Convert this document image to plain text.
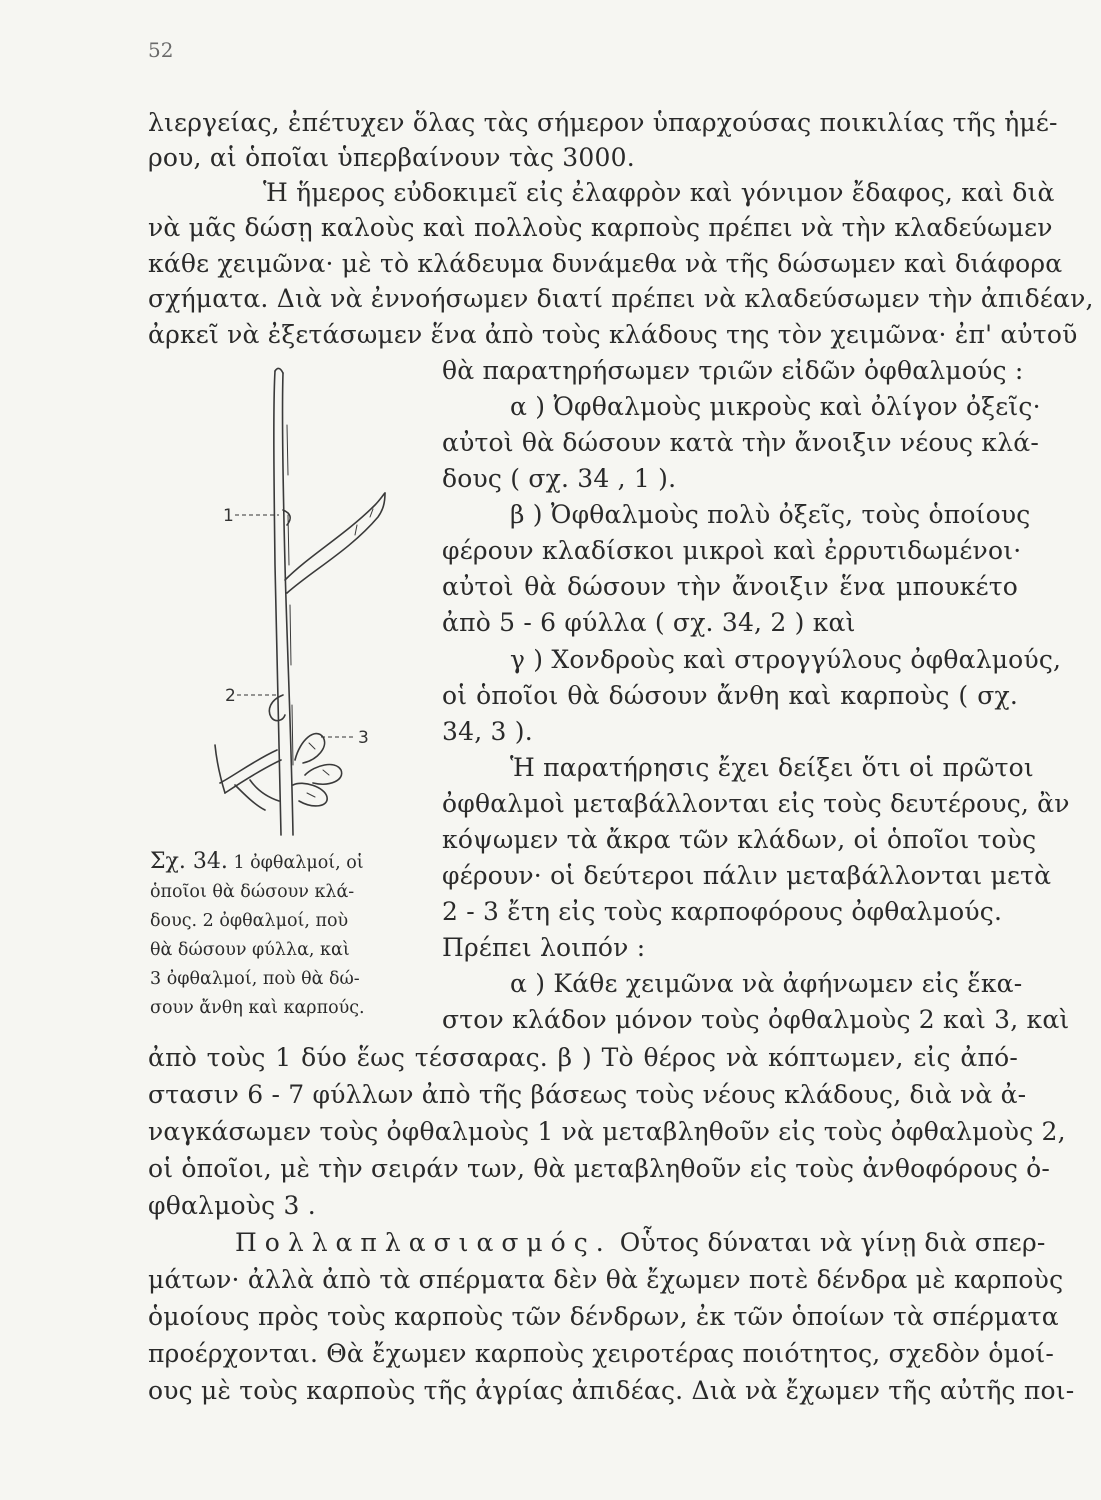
52
λιεργείας, ἐπέτυχεν ὅλας τὰς σήμερον ὑπαρχούσας ποικιλίας τῆς ἡμέ-
ρου, αἱ ὁποῖαι ὑπερβαίνουν τὰς 3000.
Ἡ ἥμερος εὐδοκιμεῖ εἰς ἐλαφρὸν καὶ γόνιμον ἔδαφος, καὶ διὰ
νὰ μᾶς δώσῃ καλοὺς καὶ πολλοὺς καρποὺς πρέπει νὰ τὴν κλαδεύωμεν
κάθε χειμῶνα· μὲ τὸ κλάδευμα δυνάμεθα νὰ τῆς δώσωμεν καὶ διάφορα
σχήματα. Διὰ νὰ ἐννοήσωμεν διατί πρέπει νὰ κλαδεύσωμεν τὴν ἀπιδέαν,
ἀρκεῖ νὰ ἐξετάσωμεν ἕνα ἀπὸ τοὺς κλάδους της τὸν χειμῶνα· ἐπ' αὐτοῦ
1
2
3
Σχ. 34. 1 ὀφθαλμοί, οἱ
ὁποῖοι θὰ δώσουν κλά-
δους. 2 ὀφθαλμοί, ποὺ
θὰ δώσουν φύλλα, καὶ
3 ὀφθαλμοί, ποὺ θὰ δώ-
σουν ἄνθη καὶ καρπούς.
θὰ παρατηρήσωμεν τριῶν εἰδῶν ὀφθαλμούς :
α ) Ὀφθαλμοὺς μικροὺς καὶ ὀλίγον ὀξεῖς·
αὐτοὶ θὰ δώσουν κατὰ τὴν ἄνοιξιν νέους κλά-
δους ( σχ. 34 , 1 ).
β ) Ὀφθαλμοὺς πολὺ ὀξεῖς, τοὺς ὁποίους
φέρουν κλαδίσκοι μικροὶ καὶ ἐρρυτιδωμένοι·
αὐτοὶ θὰ δώσουν τὴν ἄνοιξιν ἕνα μπουκέτο
ἀπὸ 5 - 6 φύλλα ( σχ. 34, 2 ) καὶ
γ ) Χονδροὺς καὶ στρογγύλους ὀφθαλμούς,
οἱ ὁποῖοι θὰ δώσουν ἄνθη καὶ καρποὺς ( σχ.
34, 3 ).
Ἡ παρατήρησις ἔχει δείξει ὅτι οἱ πρῶτοι
ὀφθαλμοὶ μεταβάλλονται εἰς τοὺς δευτέρους, ἂν
κόψωμεν τὰ ἄκρα τῶν κλάδων, οἱ ὁποῖοι τοὺς
φέρουν· οἱ δεύτεροι πάλιν μεταβάλλονται μετὰ
2 - 3 ἔτη εἰς τοὺς καρποφόρους ὀφθαλμούς.
Πρέπει λοιπόν :
α ) Κάθε χειμῶνα νὰ ἀφήνωμεν εἰς ἕκα-
στον κλάδον μόνον τοὺς ὀφθαλμοὺς 2 καὶ 3, καὶ
ἀπὸ τοὺς 1 δύο ἕως τέσσαρας. β ) Τὸ θέρος νὰ κόπτωμεν, εἰς ἀπό-
στασιν 6 - 7 φύλλων ἀπὸ τῆς βάσεως τοὺς νέους κλάδους, διὰ νὰ ἀ-
ναγκάσωμεν τοὺς ὀφθαλμοὺς 1 νὰ μεταβληθοῦν εἰς τοὺς ὀφθαλμοὺς 2,
οἱ ὁποῖοι, μὲ τὴν σειράν των, θὰ μεταβληθοῦν εἰς τοὺς ἀνθοφόρους ὀ-
φθαλμοὺς 3 .
Πολλαπλασιασμός. Οὗτος δύναται νὰ γίνῃ διὰ σπερ-
μάτων· ἀλλὰ ἀπὸ τὰ σπέρματα δὲν θὰ ἔχωμεν ποτὲ δένδρα μὲ καρποὺς
ὁμοίους πρὸς τοὺς καρποὺς τῶν δένδρων, ἐκ τῶν ὁποίων τὰ σπέρματα
προέρχονται. Θὰ ἔχωμεν καρποὺς χειροτέρας ποιότητος, σχεδὸν ὁμοί-
ους μὲ τοὺς καρποὺς τῆς ἀγρίας ἀπιδέας. Διὰ νὰ ἔχωμεν τῆς αὐτῆς ποι-
